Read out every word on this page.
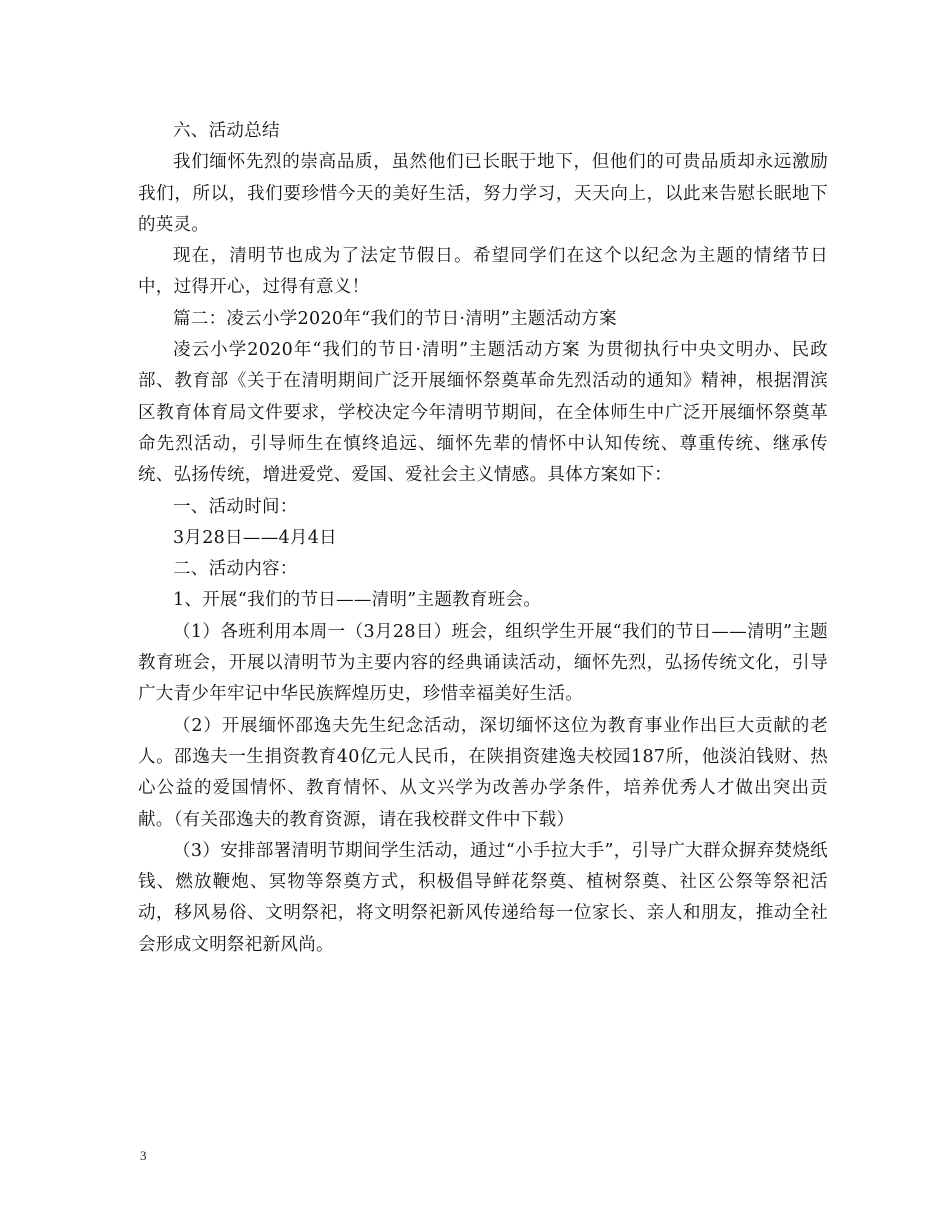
六、活动总结

我们缅怀先烈的崇高品质，虽然他们已长眠于地下，但他们的可贵品质却永远激励我们，所以，我们要珍惜今天的美好生活，努力学习，天天向上，以此来告慰长眠地下的英灵。

现在，清明节也成为了法定节假日。希望同学们在这个以纪念为主题的情绪节日中，过得开心，过得有意义！

篇二：凌云小学2020年“我们的节日·清明”主题活动方案

凌云小学2020年“我们的节日·清明”主题活动方案 为贯彻执行中央文明办、民政部、教育部《关于在清明期间广泛开展缅怀祭奠革命先烈活动的通知》精神，根据渭滨区教育体育局文件要求，学校决定今年清明节期间，在全体师生中广泛开展缅怀祭奠革命先烈活动，引导师生在慎终追远、缅怀先辈的情怀中认知传统、尊重传统、继承传统、弘扬传统，增进爱党、爱国、爱社会主义情感。具体方案如下：

一、活动时间：

3月28日——4月4日

二、活动内容：

1、开展“我们的节日——清明”主题教育班会。

（1）各班利用本周一（3月28日）班会，组织学生开展“我们的节日——清明”主题教育班会，开展以清明节为主要内容的经典诵读活动，缅怀先烈，弘扬传统文化，引导广大青少年牢记中华民族辉煌历史，珍惜幸福美好生活。

（2）开展缅怀邵逸夫先生纪念活动，深切缅怀这位为教育事业作出巨大贡献的老人。邵逸夫一生捐资教育40亿元人民币，在陕捐资建逸夫校园187所，他淡泊钱财、热心公益的爱国情怀、教育情怀、从文兴学为改善办学条件，培养优秀人才做出突出贡献。（有关邵逸夫的教育资源，请在我校群文件中下载）

（3）安排部署清明节期间学生活动，通过“小手拉大手”，引导广大群众摒弃焚烧纸钱、燃放鞭炮、冥物等祭奠方式，积极倡导鲜花祭奠、植树祭奠、社区公祭等祭祀活动，移风易俗、文明祭祀，将文明祭祀新风传递给每一位家长、亲人和朋友，推动全社会形成文明祭祀新风尚。

3
